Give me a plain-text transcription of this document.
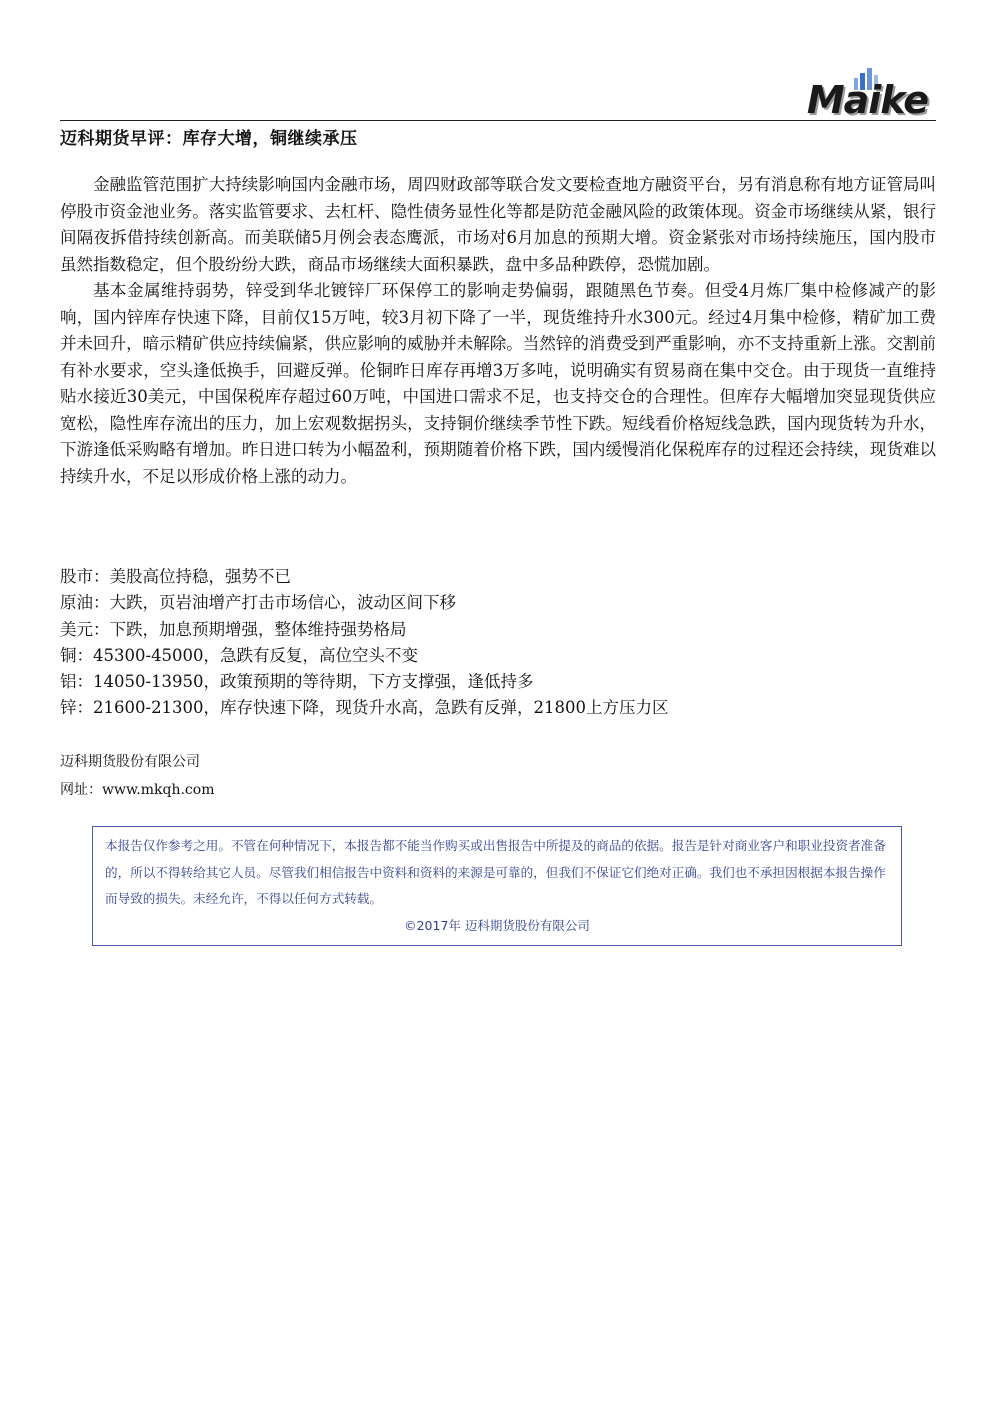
Maike
迈科期货早评：库存大增，铜继续承压

金融监管范围扩大持续影响国内金融市场，周四财政部等联合发文要检查地方融资平台，另有消息称有地方证管局叫停股市资金池业务。落实监管要求、去杠杆、隐性债务显性化等都是防范金融风险的政策体现。资金市场继续从紧，银行间隔夜拆借持续创新高。而美联储5月例会表态鹰派，市场对6月加息的预期大增。资金紧张对市场持续施压，国内股市虽然指数稳定，但个股纷纷大跌，商品市场继续大面积暴跌，盘中多品种跌停，恐慌加剧。

基本金属维持弱势，锌受到华北镀锌厂环保停工的影响走势偏弱，跟随黑色节奏。但受4月炼厂集中检修减产的影响，国内锌库存快速下降，目前仅15万吨，较3月初下降了一半，现货维持升水300元。经过4月集中检修，精矿加工费并未回升，暗示精矿供应持续偏紧，供应影响的威胁并未解除。当然锌的消费受到严重影响，亦不支持重新上涨。交割前有补水要求，空头逢低换手，回避反弹。伦铜昨日库存再增3万多吨，说明确实有贸易商在集中交仓。由于现货一直维持贴水接近30美元，中国保税库存超过60万吨，中国进口需求不足，也支持交仓的合理性。但库存大幅增加突显现货供应宽松，隐性库存流出的压力，加上宏观数据拐头，支持铜价继续季节性下跌。短线看价格短线急跌，国内现货转为升水，下游逢低采购略有增加。昨日进口转为小幅盈利，预期随着价格下跌，国内缓慢消化保税库存的过程还会持续，现货难以持续升水，不足以形成价格上涨的动力。

股市：美股高位持稳，强势不已
原油：大跌，页岩油增产打击市场信心，波动区间下移
美元：下跌，加息预期增强，整体维持强势格局
铜：45300-45000，急跌有反复，高位空头不变
铝：14050-13950，政策预期的等待期，下方支撑强，逢低持多
锌：21600-21300，库存快速下降，现货升水高，急跌有反弹，21800上方压力区
迈科期货股份有限公司
网址：www.mkqh.com
本报告仅作参考之用。不管在何种情况下，本报告都不能当作购买或出售报告中所提及的商品的依据。报告是针对商业客户和职业投资者准备的，所以不得转给其它人员。尽管我们相信报告中资料和资料的来源是可靠的，但我们不保证它们绝对正确。我们也不承担因根据本报告操作而导致的损失。未经允许，不得以任何方式转载。
©2017年 迈科期货股份有限公司
